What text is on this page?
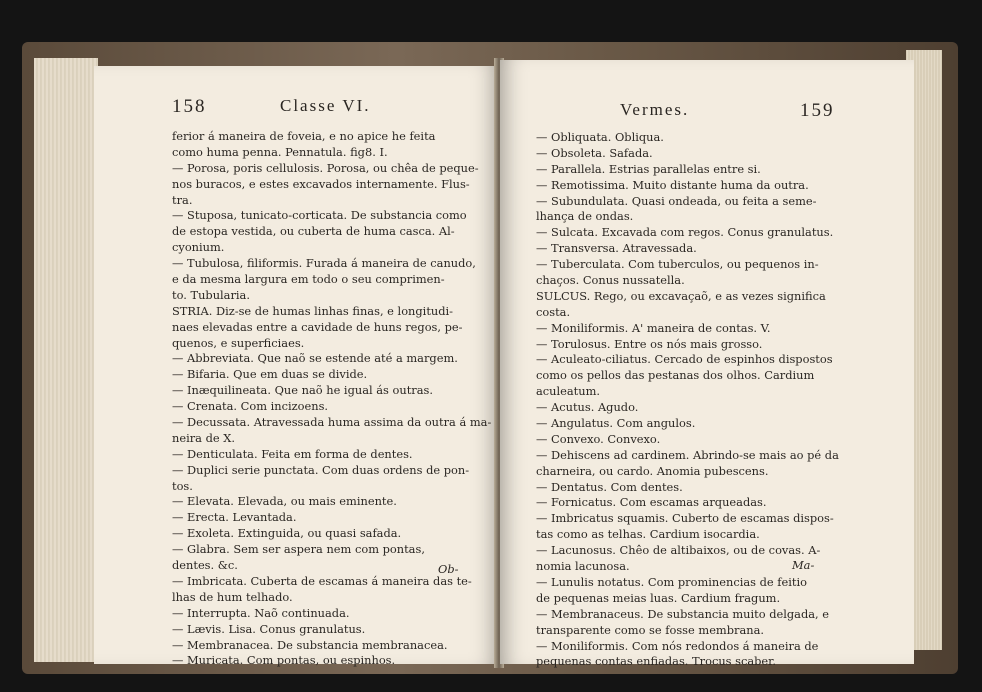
158	Classe VI.
ferior á maneira de foveia, e no apice he feita
como huma penna. Pennatula. fig8. I.
— Porosa, poris cellulosis. Porosa, ou chêa de peque-
nos buracos, e estes excavados internamente. Flus-
tra.
— Stuposa, tunicato-corticata. De substancia como
de estopa vestida, ou cuberta de huma casca. Al-
cyonium.
— Tubulosa, filiformis. Furada á maneira de canudo,
e da mesma largura em todo o seu comprimen-
to. Tubularia.
STRIA. Diz-se de humas linhas finas, e longitudi-
naes elevadas entre a cavidade de huns regos, pe-
quenos, e superficiaes.
— Abbreviata. Que naõ se estende até a margem.
— Bifaria. Que em duas se divide.
— Inæquilineata. Que naõ he igual ás outras.
— Crenata. Com incizoens.
— Decussata. Atravessada huma assima da outra á ma-
neira de X.
— Denticulata. Feita em forma de dentes.
— Duplici serie punctata. Com duas ordens de pon-
tos.
— Elevata. Elevada, ou mais eminente.
— Erecta. Levantada.
— Exoleta. Extinguida, ou quasi safada.
— Glabra. Sem ser aspera nem com pontas,
dentes. &c.
— Imbricata. Cuberta de escamas á maneira das te-
lhas de hum telhado.
— Interrupta. Naõ continuada.
— Lævis. Lisa. Conus granulatus.
— Membranacea. De substancia membranacea.
— Muricata. Com pontas, ou espinhos.
Ob-
Vermes.	159
— Obliquata. Obliqua.
— Obsoleta. Safada.
— Parallela. Estrias parallelas entre si.
— Remotissima. Muito distante huma da outra.
— Subundulata. Quasi ondeada, ou feita a seme-
lhança de ondas.
— Sulcata. Excavada com regos. Conus granulatus.
— Transversa. Atravessada.
— Tuberculata. Com tuberculos, ou pequenos in-
chaços. Conus nussatella.
SULCUS. Rego, ou excavaçaõ, e as vezes significa
costa.
— Moniliformis. A' maneira de contas. V.
— Torulosus. Entre os nós mais grosso.
— Aculeato-ciliatus. Cercado de espinhos dispostos
como os pellos das pestanas dos olhos. Cardium
aculeatum.
— Acutus. Agudo.
— Angulatus. Com angulos.
— Convexo. Convexo.
— Dehiscens ad cardinem. Abrindo-se mais ao pé da
charneira, ou cardo. Anomia pubescens.
— Dentatus. Com dentes.
— Fornicatus. Com escamas arqueadas.
— Imbricatus squamis. Cuberto de escamas dispos-
tas como as telhas. Cardium isocardia.
— Lacunosus. Chêo de altibaixos, ou de covas. A-
nomia lacunosa.
— Lunulis notatus. Com prominencias de feitio
de pequenas meias luas. Cardium fragum.
— Membranaceus. De substancia muito delgada, e
transparente como se fosse membrana.
— Moniliformis. Com nós redondos á maneira de
pequenas contas enfiadas. Trocus scaber.
Ma-
